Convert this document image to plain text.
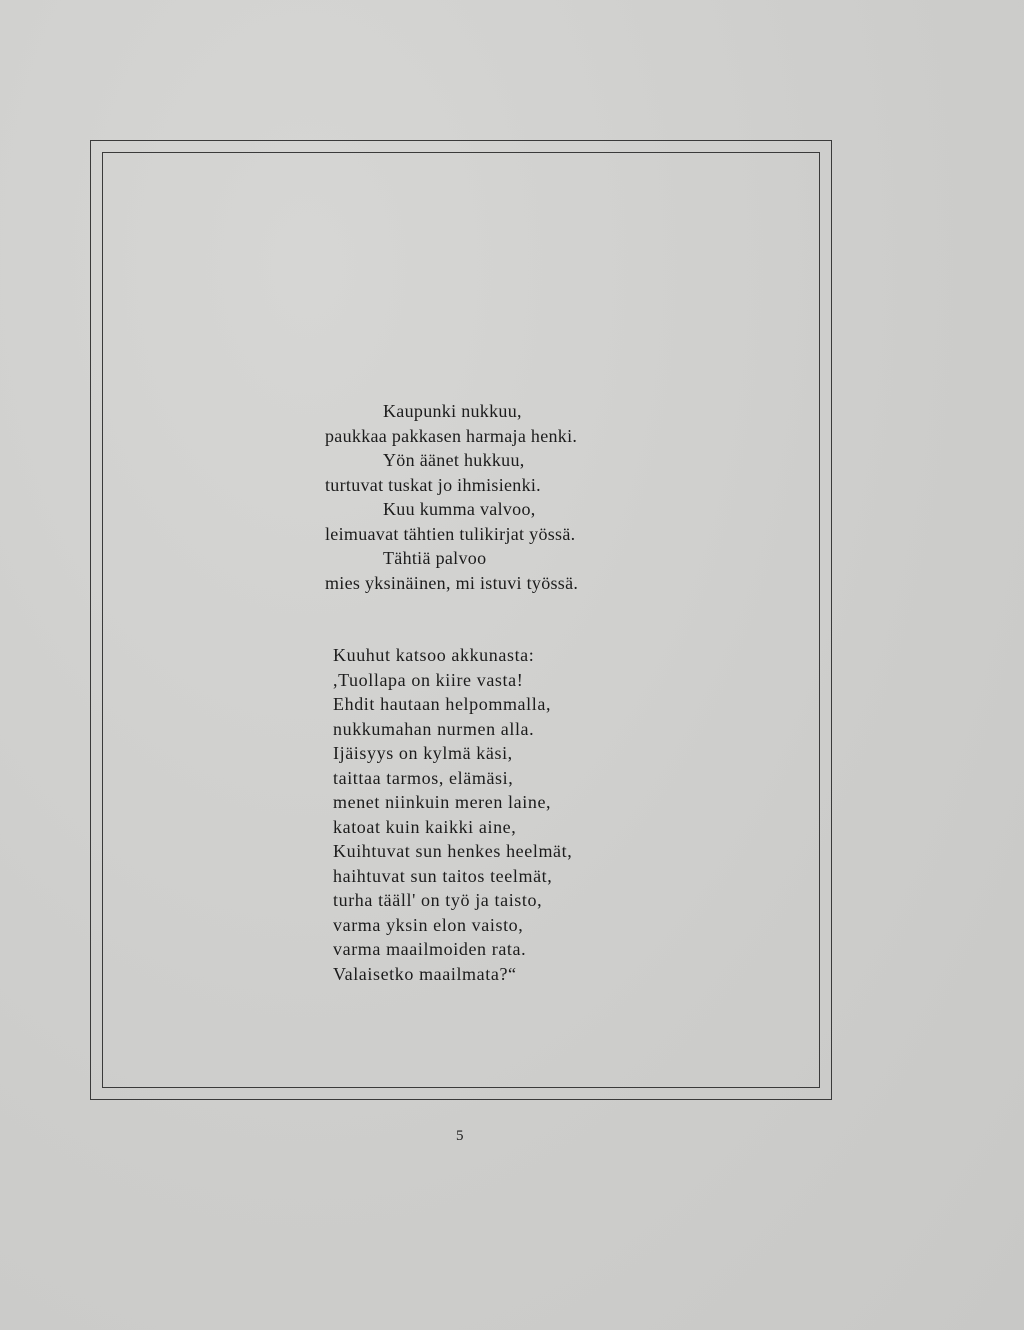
Kaupunki nukkuu,
paukkaa pakkasen harmaja henki.
Yön äänet hukkuu,
turtuvat tuskat jo ihmisienki.
Kuu kumma valvoo,
leimuavat tähtien tulikirjat yössä.
Tähtiä palvoo
mies yksinäinen, mi istuvi työssä.
Kuuhut katsoo akkunasta:
,Tuollapa on kiire vasta!
Ehdit hautaan helpommalla,
nukkumahan nurmen alla.
Ijäisyys on kylmä käsi,
taittaa tarmos, elämäsi,
menet niinkuin meren laine,
katoat kuin kaikki aine,
Kuihtuvat sun henkes heelmät,
haihtuvat sun taitos teelmät,
turha tääll' on työ ja taisto,
varma yksin elon vaisto,
varma maailmoiden rata.
Valaisetko maailmata?“
5
